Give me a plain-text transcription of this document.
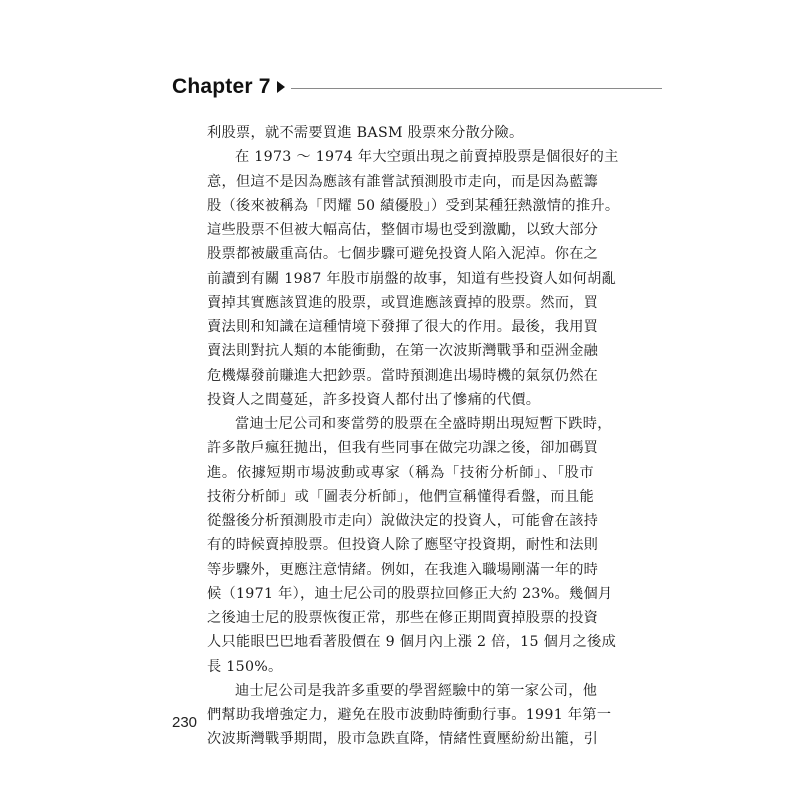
Chapter 7
利股票，就不需要買進 BASM 股票來分散分險。
在 1973 ～ 1974 年大空頭出現之前賣掉股票是個很好的主
意，但這不是因為應該有誰嘗試預測股市走向，而是因為藍籌
股（後來被稱為「閃耀 50 績優股」）受到某種狂熱激情的推升。
這些股票不但被大幅高估，整個市場也受到激勵，以致大部分
股票都被嚴重高估。七個步驟可避免投資人陷入泥淖。你在之
前讀到有關 1987 年股市崩盤的故事，知道有些投資人如何胡亂
賣掉其實應該買進的股票，或買進應該賣掉的股票。然而，買
賣法則和知識在這種情境下發揮了很大的作用。最後，我用買
賣法則對抗人類的本能衝動，在第一次波斯灣戰爭和亞洲金融
危機爆發前賺進大把鈔票。當時預測進出場時機的氣氛仍然在
投資人之間蔓延，許多投資人都付出了慘痛的代價。
當迪士尼公司和麥當勞的股票在全盛時期出現短暫下跌時，
許多散戶瘋狂拋出，但我有些同事在做完功課之後，卻加碼買
進。依據短期市場波動或專家（稱為「技術分析師」、「股市
技術分析師」或「圖表分析師」，他們宣稱懂得看盤，而且能
從盤後分析預測股市走向）說做決定的投資人，可能會在該持
有的時候賣掉股票。但投資人除了應堅守投資期，耐性和法則
等步驟外，更應注意情緒。例如，在我進入職場剛滿一年的時
候（1971 年），迪士尼公司的股票拉回修正大約 23%。幾個月
之後迪士尼的股票恢復正常，那些在修正期間賣掉股票的投資
人只能眼巴巴地看著股價在 9 個月內上漲 2 倍，15 個月之後成
長 150%。
迪士尼公司是我許多重要的學習經驗中的第一家公司，他
們幫助我增強定力，避免在股市波動時衝動行事。1991 年第一
次波斯灣戰爭期間，股市急跌直降，情緒性賣壓紛紛出籠，引
230
